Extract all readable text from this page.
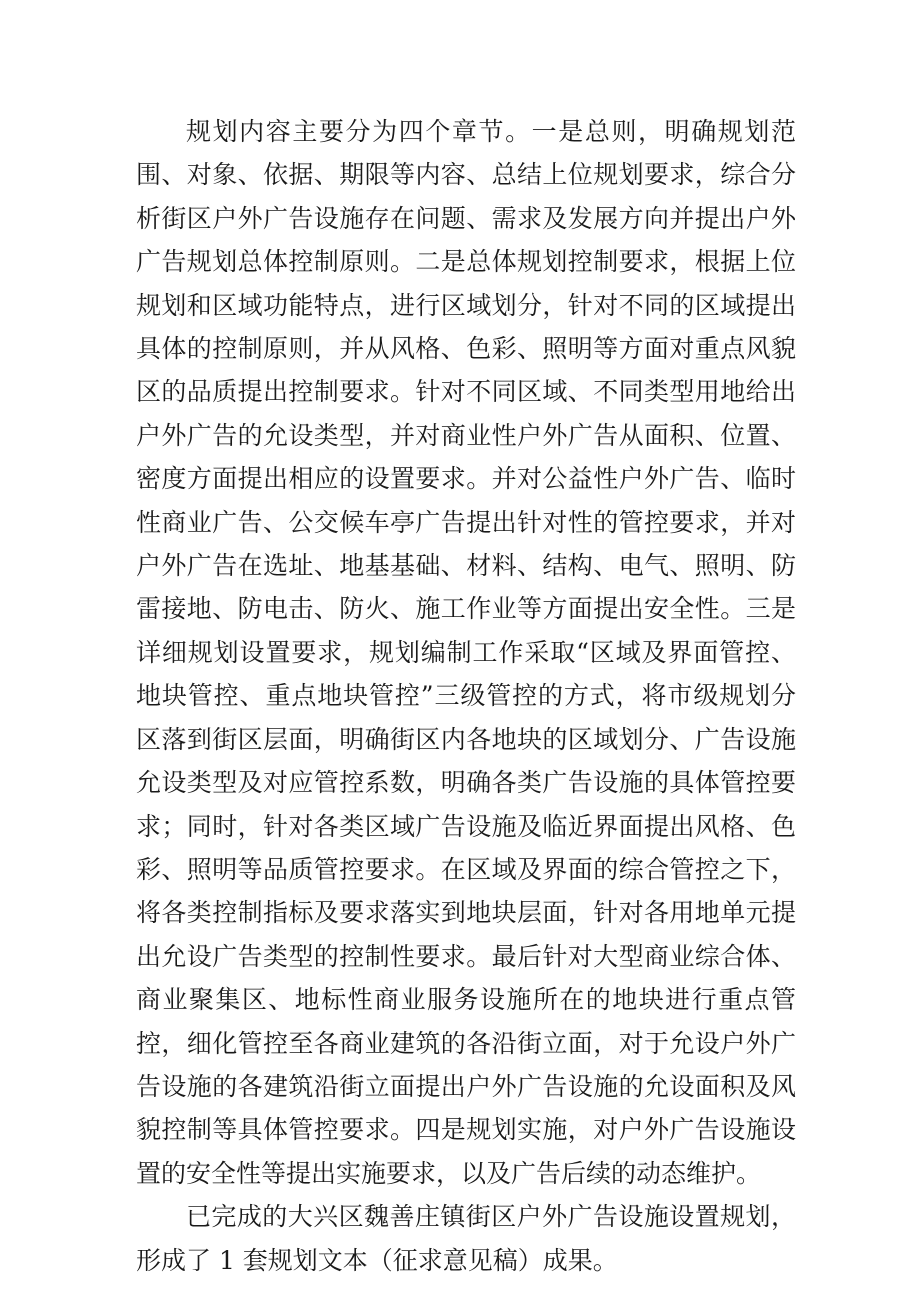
规划内容主要分为四个章节。一是总则，明确规划范围、对象、依据、期限等内容、总结上位规划要求，综合分析街区户外广告设施存在问题、需求及发展方向并提出户外广告规划总体控制原则。二是总体规划控制要求，根据上位规划和区域功能特点，进行区域划分，针对不同的区域提出具体的控制原则，并从风格、色彩、照明等方面对重点风貌区的品质提出控制要求。针对不同区域、不同类型用地给出户外广告的允设类型，并对商业性户外广告从面积、位置、密度方面提出相应的设置要求。并对公益性户外广告、临时性商业广告、公交候车亭广告提出针对性的管控要求，并对户外广告在选址、地基基础、材料、结构、电气、照明、防雷接地、防电击、防火、施工作业等方面提出安全性。三是详细规划设置要求，规划编制工作采取“区域及界面管控、地块管控、重点地块管控”三级管控的方式，将市级规划分区落到街区层面，明确街区内各地块的区域划分、广告设施允设类型及对应管控系数，明确各类广告设施的具体管控要求；同时，针对各类区域广告设施及临近界面提出风格、色彩、照明等品质管控要求。在区域及界面的综合管控之下，将各类控制指标及要求落实到地块层面，针对各用地单元提出允设广告类型的控制性要求。最后针对大型商业综合体、商业聚集区、地标性商业服务设施所在的地块进行重点管控，细化管控至各商业建筑的各沿街立面，对于允设户外广告设施的各建筑沿街立面提出户外广告设施的允设面积及风貌控制等具体管控要求。四是规划实施，对户外广告设施设置的安全性等提出实施要求，以及广告后续的动态维护。

已完成的大兴区魏善庄镇街区户外广告设施设置规划，形成了 1 套规划文本（征求意见稿）成果。
